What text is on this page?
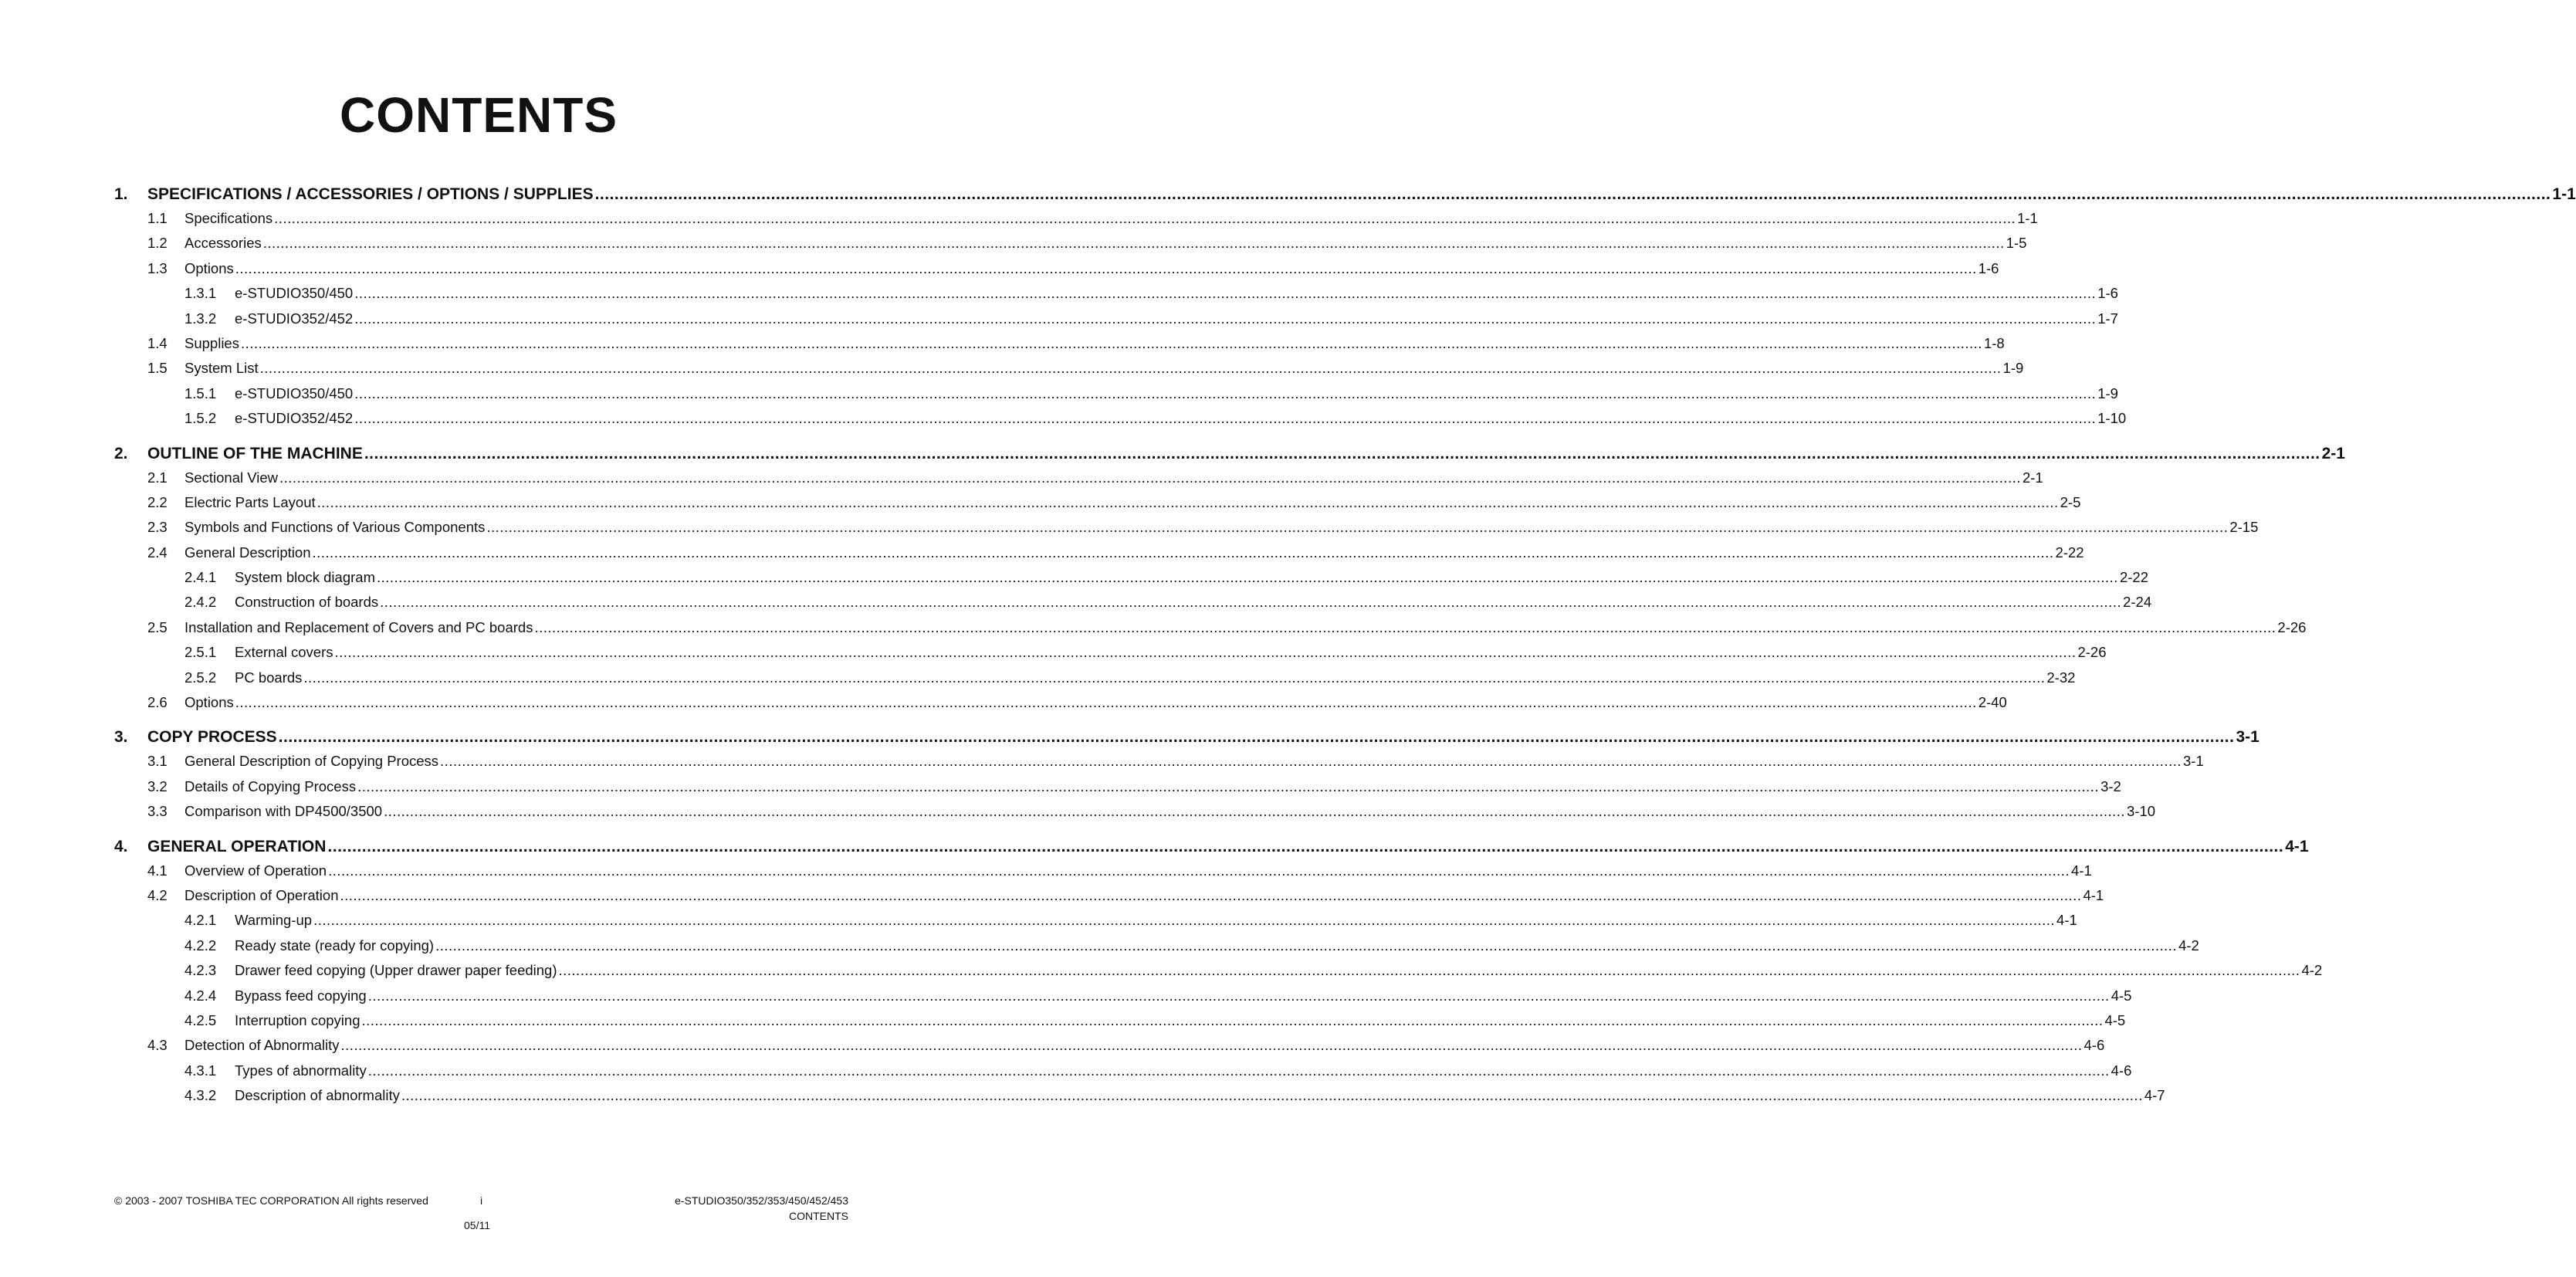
CONTENTS
1.	SPECIFICATIONS / ACCESSORIES / OPTIONS / SUPPLIES ................................................................................................................................................................................................................................................................................................................................................................................................................ 1-1
1.1	Specifications ................................................................................................................................................................................................................................................................................................................................................................................................................ 1-1
1.2	Accessories ................................................................................................................................................................................................................................................................................................................................................................................................................ 1-5
1.3	Options ................................................................................................................................................................................................................................................................................................................................................................................................................ 1-6
1.3.1	e-STUDIO350/450 ................................................................................................................................................................................................................................................................................................................................................................................................................ 1-6
1.3.2	e-STUDIO352/452 ................................................................................................................................................................................................................................................................................................................................................................................................................ 1-7
1.4	Supplies ................................................................................................................................................................................................................................................................................................................................................................................................................ 1-8
1.5	System List ................................................................................................................................................................................................................................................................................................................................................................................................................ 1-9
1.5.1	e-STUDIO350/450 ................................................................................................................................................................................................................................................................................................................................................................................................................ 1-9
1.5.2	e-STUDIO352/452 ................................................................................................................................................................................................................................................................................................................................................................................................................ 1-10
2.	OUTLINE OF THE MACHINE ................................................................................................................................................................................................................................................................................................................................................................................................................ 2-1
2.1	Sectional View ................................................................................................................................................................................................................................................................................................................................................................................................................ 2-1
2.2	Electric Parts Layout ................................................................................................................................................................................................................................................................................................................................................................................................................ 2-5
2.3	Symbols and Functions of Various Components ................................................................................................................................................................................................................................................................................................................................................................................................................ 2-15
2.4	General Description ................................................................................................................................................................................................................................................................................................................................................................................................................ 2-22
2.4.1	System block diagram ................................................................................................................................................................................................................................................................................................................................................................................................................ 2-22
2.4.2	Construction of boards ................................................................................................................................................................................................................................................................................................................................................................................................................ 2-24
2.5	Installation and Replacement of Covers and PC boards ................................................................................................................................................................................................................................................................................................................................................................................................................ 2-26
2.5.1	External covers ................................................................................................................................................................................................................................................................................................................................................................................................................ 2-26
2.5.2	PC boards ................................................................................................................................................................................................................................................................................................................................................................................................................ 2-32
2.6	Options ................................................................................................................................................................................................................................................................................................................................................................................................................ 2-40
3.	COPY PROCESS ................................................................................................................................................................................................................................................................................................................................................................................................................ 3-1
3.1	General Description of Copying Process ................................................................................................................................................................................................................................................................................................................................................................................................................ 3-1
3.2	Details of Copying Process ................................................................................................................................................................................................................................................................................................................................................................................................................ 3-2
3.3	Comparison with DP4500/3500 ................................................................................................................................................................................................................................................................................................................................................................................................................ 3-10
4.	GENERAL OPERATION ................................................................................................................................................................................................................................................................................................................................................................................................................ 4-1
4.1	Overview of Operation ................................................................................................................................................................................................................................................................................................................................................................................................................ 4-1
4.2	Description of Operation ................................................................................................................................................................................................................................................................................................................................................................................................................ 4-1
4.2.1	Warming-up ................................................................................................................................................................................................................................................................................................................................................................................................................ 4-1
4.2.2	Ready state (ready for copying) ................................................................................................................................................................................................................................................................................................................................................................................................................ 4-2
4.2.3	Drawer feed copying (Upper drawer paper feeding) ................................................................................................................................................................................................................................................................................................................................................................................................................ 4-2
4.2.4	Bypass feed copying ................................................................................................................................................................................................................................................................................................................................................................................................................ 4-5
4.2.5	Interruption copying ................................................................................................................................................................................................................................................................................................................................................................................................................ 4-5
4.3	Detection of Abnormality ................................................................................................................................................................................................................................................................................................................................................................................................................ 4-6
4.3.1	Types of abnormality ................................................................................................................................................................................................................................................................................................................................................................................................................ 4-6
4.3.2	Description of abnormality ................................................................................................................................................................................................................................................................................................................................................................................................................ 4-7
© 2003 - 2007 TOSHIBA TEC CORPORATION All rights reserved	i
05/11
e-STUDIO350/352/353/450/452/453
CONTENTS
